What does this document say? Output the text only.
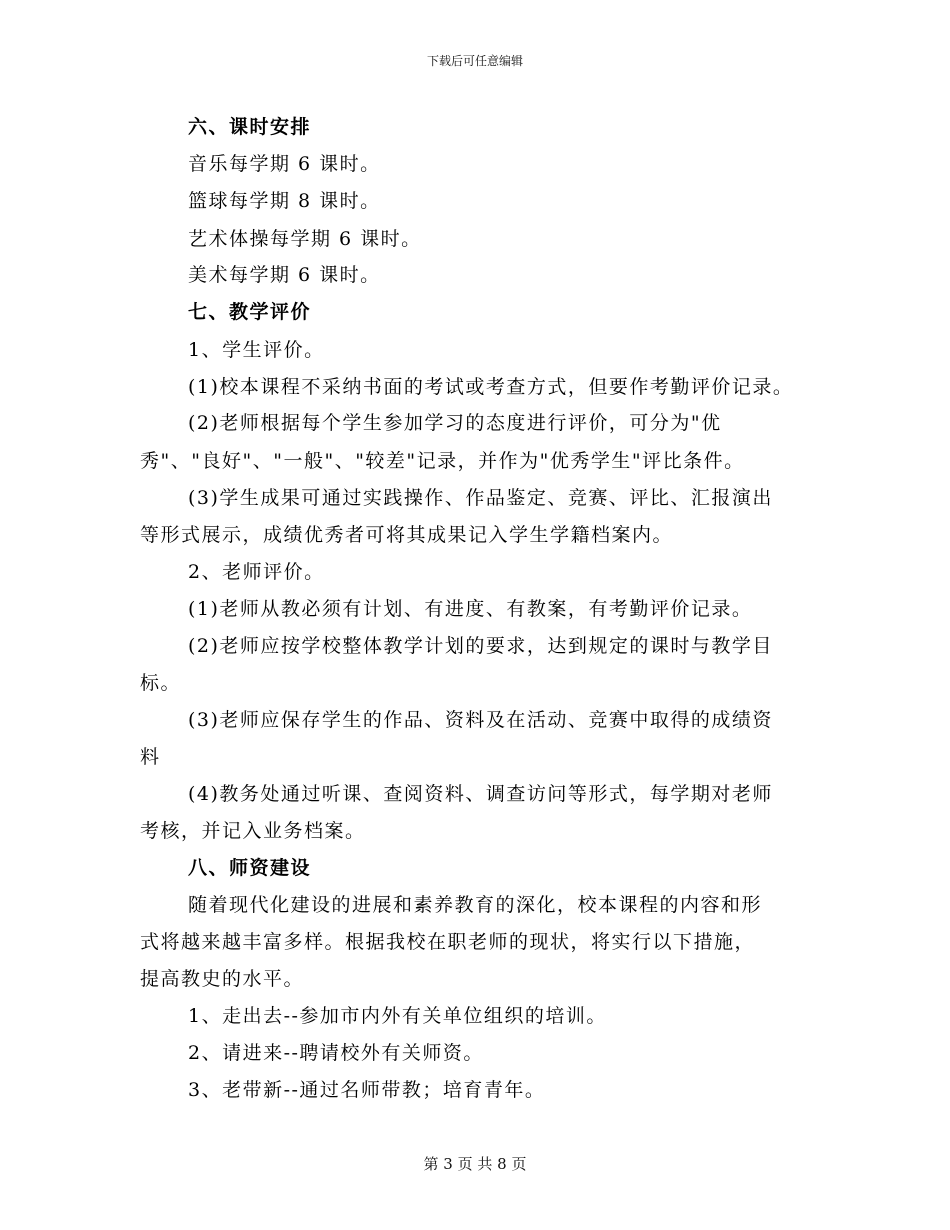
下载后可任意编辑
六、课时安排
音乐每学期 6 课时。
篮球每学期 8 课时。
艺术体操每学期 6 课时。
美术每学期 6 课时。
七、教学评价
1、学生评价。
(1)校本课程不采纳书面的考试或考查方式，但要作考勤评价记录。
(2)老师根据每个学生参加学习的态度进行评价，可分为"优
秀"、"良好"、"一般"、"较差"记录，并作为"优秀学生"评比条件。
(3)学生成果可通过实践操作、作品鉴定、竞赛、评比、汇报演出
等形式展示，成绩优秀者可将其成果记入学生学籍档案内。
2、老师评价。
(1)老师从教必须有计划、有进度、有教案，有考勤评价记录。
(2)老师应按学校整体教学计划的要求，达到规定的课时与教学目
标。
(3)老师应保存学生的作品、资料及在活动、竞赛中取得的成绩资
料
(4)教务处通过听课、查阅资料、调查访问等形式，每学期对老师
考核，并记入业务档案。
八、师资建设
随着现代化建设的进展和素养教育的深化，校本课程的内容和形
式将越来越丰富多样。根据我校在职老师的现状，将实行以下措施，
提高教史的水平。
1、走出去--参加市内外有关单位组织的培训。
2、请进来--聘请校外有关师资。
3、老带新--通过名师带教；培育青年。
第 3 页 共 8 页
